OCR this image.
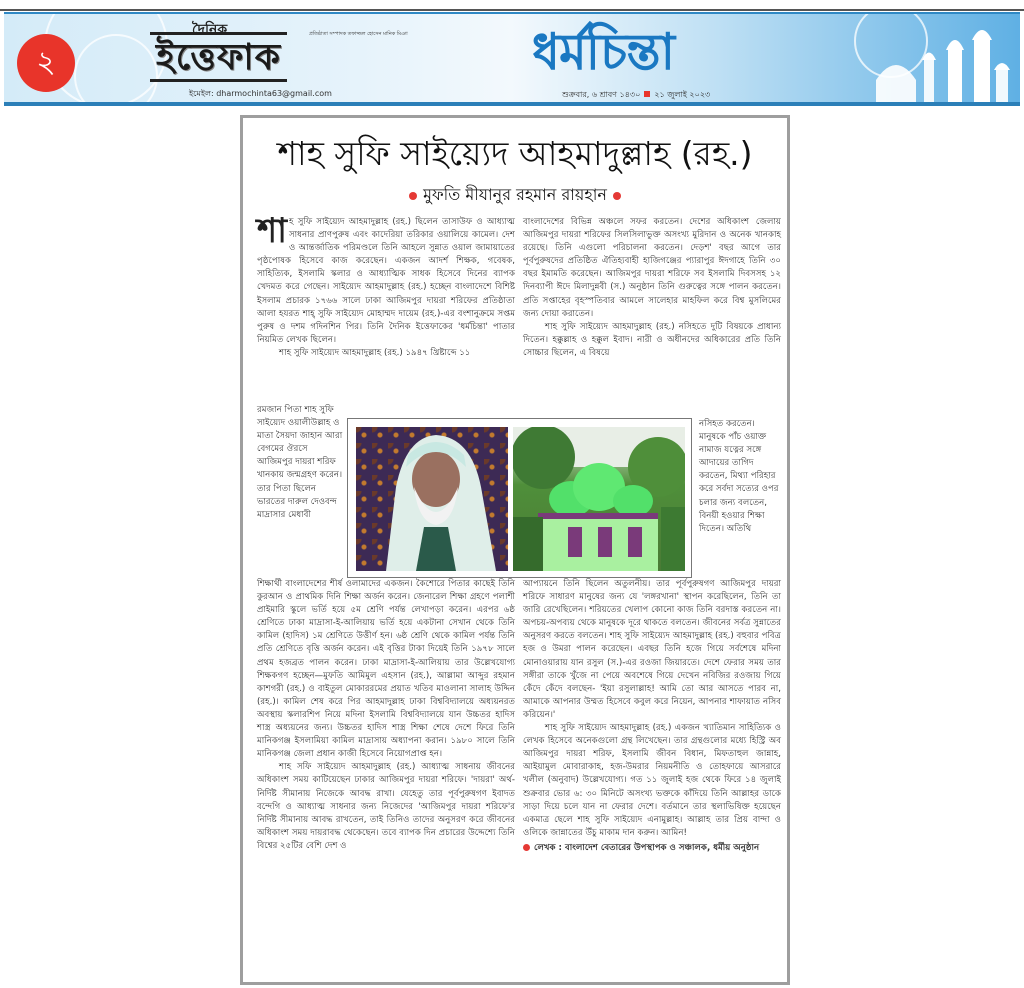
২
দৈনিক	প্রতিষ্ঠাতা সম্পাদক তফাজ্জল হোসেন মানিক মিঞা
ইত্তেফাক
ইমেইল: dharmochinta63@gmail.com
ধর্মচিন্তা
শুক্রবার, ৬ শ্রাবণ ১৪৩০ ২১ জুলাই ২০২৩
শাহ সুফি সাইয়্যেদ আহমাদুল্লাহ (রহ.)
মুফতি মীযানুর রহমান রায়হান

শাহ সুফি সাইয়্যেদ আহমাদুল্লাহ (রহ.) ছিলেন তাসাউফ ও আধ্যাত্ম সাধনার প্রাণপুরুষ এবং কাদেরিয়া তরিকার ওয়ালিয়ে কামেল। দেশ ও আন্তর্জাতিক পরিমণ্ডলে তিনি আহলে সুন্নাত ওয়াল জামায়াতের পৃষ্ঠপোষক হিসেবে কাজ করেছেন। একজন আদর্শ শিক্ষক, গবেষক, সাহিত্যিক, ইসলামি স্কলার ও আধ্যাত্মিক সাধক হিসেবে দিনের ব্যাপক খেদমত করে গেছেন। সাইয়্যেদ আহমাদুল্লাহ (রহ.) হচ্ছেন বাংলাদেশে বিশিষ্ট ইসলাম প্রচারক ১৭৬৬ সালে ঢাকা আজিমপুর দায়রা শরিফের প্রতিষ্ঠাতা আলা হযরত শাহ্ সুফি সাইয়্যেদ মোহাম্মদ দায়েম (রহ.)-এর বংশানুক্রমে সপ্তম পুরুষ ও দশম গদিনশিন পির। তিনি দৈনিক ইত্তেফাকের 'ধর্মচিন্তা' পাতার নিয়মিত লেখক ছিলেন।

শাহ সুফি সাইয়্যেদ আহমাদুল্লাহ (রহ.) ১৯৪৭ খ্রিষ্টাব্দে ১১

রমজান পিতা শাহ সুফি সাইয়্যেদ ওয়ালীউল্লাহ ও মাতা সৈয়দা জাহান আরা বেগমের ঔরসে আজিমপুর দায়রা শরিফ খানকায় জন্মগ্রহণ করেন। তার পিতা ছিলেন ভারতের দারুল দেওবন্দ মাদ্রাসার মেধাবী

শিক্ষার্থী বাংলাদেশের শীর্ষ ওলামাদের একজন। কৈশোরে পিতার কাছেই তিনি কুরআন ও প্রাথমিক দিনি শিক্ষা অর্জন করেন। জেনারেল শিক্ষা গ্রহণে পলাশী প্রাইমারি স্কুলে ভর্তি হয়ে ৫ম শ্রেণি পর্যন্ত লেখাপড়া করেন। এরপর ৬ষ্ঠ শ্রেণিতে ঢাকা মাদ্রাসা-ই-আলিয়ায় ভর্তি হয়ে একটানা সেখান থেকে তিনি কামিল (হাদিস) ১ম শ্রেণিতে উত্তীর্ণ হন। ৬ষ্ঠ শ্রেণি থেকে কামিল পর্যন্ত তিনি প্রতি শ্রেণিতে বৃত্তি অর্জন করেন। এই বৃত্তির টাকা দিয়েই তিনি ১৯৭৮ সালে প্রথম হজব্রত পালন করেন। ঢাকা মাদ্রাসা-ই-আলিয়ায় তার উল্লেখযোগ্য শিক্ষকগণ হচ্ছেন—মুফতি আমিমুল এহসান (রহ.), আল্লামা আব্দুর রহমান কাশগরী (রহ.) ও বাইতুল মোকাররমের প্রয়াত খতিব মাওলানা সালাহ উদ্দিন (রহ.)। কামিল শেষ করে পির আহমাদুল্লাহ ঢাকা বিশ্ববিদ্যালয়ে অধ্যয়নরত অবস্থায় স্কলারশিপ নিয়ে মদিনা ইসলামি বিশ্ববিদ্যালয়ে যান উচ্চতর হাদিস শাস্ত্র অধ্যয়নের জন্য। উচ্চতর হাদিস শাস্ত্র শিক্ষা শেষে দেশে ফিরে তিনি মানিকগঞ্জ ইসলামিয়া কামিল মাদ্রাসায় অধ্যাপনা করান। ১৯৮০ সালে তিনি মানিকগঞ্জ জেলা প্রধান কাজী হিসেবে নিয়োগপ্রাপ্ত হন।

শাহ সফি সাইয়্যেদ আহমাদুল্লাহ (রহ.) আধ্যাত্ম সাধনায় জীবনের অধিকাংশ সময় কাটিয়েছেন ঢাকার আজিমপুর দায়রা শরিফে। 'দায়রা' অর্থ- নির্দিষ্ট সীমানায় নিজেকে আবদ্ধ রাখা। যেহেতু তার পূর্বপুরুষগণ ইবাদত বন্দেগি ও আধ্যাত্ম সাধনার জন্য নিজেদের 'আজিমপুর দায়রা শরিফে'র নির্দিষ্ট সীমানায় আবদ্ধ রাখতেন, তাই তিনিও তাদের অনুসরণ করে জীবনের অধিকাংশ সময় দায়রাবদ্ধ থেকেছেন। তবে ব্যাপক দিন প্রচারের উদ্দেশ্যে তিনি বিশ্বের ২৫টির বেশি দেশ ও

বাংলাদেশের বিভিন্ন অঞ্চলে সফর করতেন। দেশের অধিকাংশ জেলায় আজিমপুর দায়রা শরিফের সিলসিলাভুক্ত অসংখ্য মুরিদান ও অনেক খানকাহ রয়েছে। তিনি এগুলো পরিচালনা করতেন। দেড়শ' বছর আগে তার পূর্বপুরুষদের প্রতিষ্ঠিত ঐতিহ্যবাহী হাজিগঞ্জের প্যারাপুর ঈদগাহে তিনি ৩০ বছর ইমামতি করেছেন। আজিমপুর দায়রা শরিফে সব ইসলামি দিবসসহ ১২ দিনব্যাপী ঈদে মিলাদুন্নবী (স.) অনুষ্ঠান তিনি গুরুত্বের সঙ্গে পালন করতেন। প্রতি সপ্তাহের বৃহস্পতিবার আমলে সালেহার মাহফিল করে বিশ্ব মুসলিমের জন্য দোয়া করাতেন।

শাহ সুফি সাইয়্যেদ আহমাদুল্লাহ (রহ.) নসিহতে দুটি বিষয়কে প্রাধান্য দিতেন। হক্কুল্লাহ ও হক্কুল ইবাদ। নারী ও অধীনদের অধিকারের প্রতি তিনি সোচ্চার ছিলেন, এ বিষয়ে

নসিহত করতেন। মানুষকে পাঁচ ওয়াক্ত নামাজ যত্নের সঙ্গে আদায়ের তাগিদ করতেন, মিথ্যা পরিহার করে সর্বদা সত্যের ওপর চলার জন্য বলতেন, বিনয়ী হওয়ার শিক্ষা দিতেন। অতিথি

আপ্যায়নে তিনি ছিলেন অতুলনীয়। তার পূর্বপুরুষগণ আজিমপুর দায়রা শরিফে সাধারণ মানুষের জন্য যে 'লঙ্গরখানা' স্থাপন করেছিলেন, তিনি তা জারি রেখেছিলেন। শরিয়তের খেলাপ কোনো কাজ তিনি বরদাস্ত করতেন না। অপচয়-অপব্যয় থেকে মানুষকে দূরে থাকতে বলতেন। জীবনের সর্বত্র সুন্নাতের অনুসরণ করতে বলতেন। শাহ সুফি সাইয়্যেদ আহমাদুল্লাহ (রহ.) বহুবার পবিত্র হজ ও উমরা পালন করেছেন। এবছর তিনি হজে গিয়ে সর্বশেষে মদিনা মোনাওয়ারায় যান রসুল (স.)-এর রওজা জিয়ারতে। দেশে ফেরার সময় তার সঙ্গীরা তাকে খুঁজে না পেয়ে অবশেষে গিয়ে দেখেন নবিজির রওজায় গিয়ে কেঁদে কেঁদে বলছেন- 'ইয়া রসুলাল্লাহ! আমি তো আর আসতে পারব না, আমাকে আপনার উম্মত হিসেবে কবুল করে নিয়েন, আপনার শাফায়াত নসিব করিয়েন।'

শাহ সুফি সাইয়্যেদ আহমাদুল্লাহ (রহ.) একজন খ্যাতিমান সাহিত্যিক ও লেখক হিসেবে অনেকগুলো গ্রন্থ লিখেছেন। তার গ্রন্থগুলোর মধ্যে হিস্ট্রি অব আজিমপুর দায়রা শরিফ, ইসলামি জীবন বিধান, মিফতাহুল জান্নাহ, আইয়ামুল মোবারাকাহ, হজ-উমরার নিয়মনীতি ও তোহফায়ে আসরারে খলীল (অনুবাদ) উল্লেখযোগ্য। গত ১১ জুলাই হজ থেকে ফিরে ১৪ জুলাই শুক্রবার ভোর ৬: ৩০ মিনিটে অসংখ্য ভক্তকে কাঁদিয়ে তিনি আল্লাহর ডাকে সাড়া দিয়ে চলে যান না ফেরার দেশে। বর্তমানে তার স্থলাভিষিক্ত হয়েছেন একমাত্র ছেলে শাহ সুফি সাইয়্যেদ এনামুল্লাহ। আল্লাহ তার প্রিয় বান্দা ও ওলিকে জান্নাতের উঁচু মাকাম দান করুন। আমিন!

লেখক : বাংলাদেশ বেতারের উপস্থাপক ও সঞ্চালক, ধর্মীয় অনুষ্ঠান
